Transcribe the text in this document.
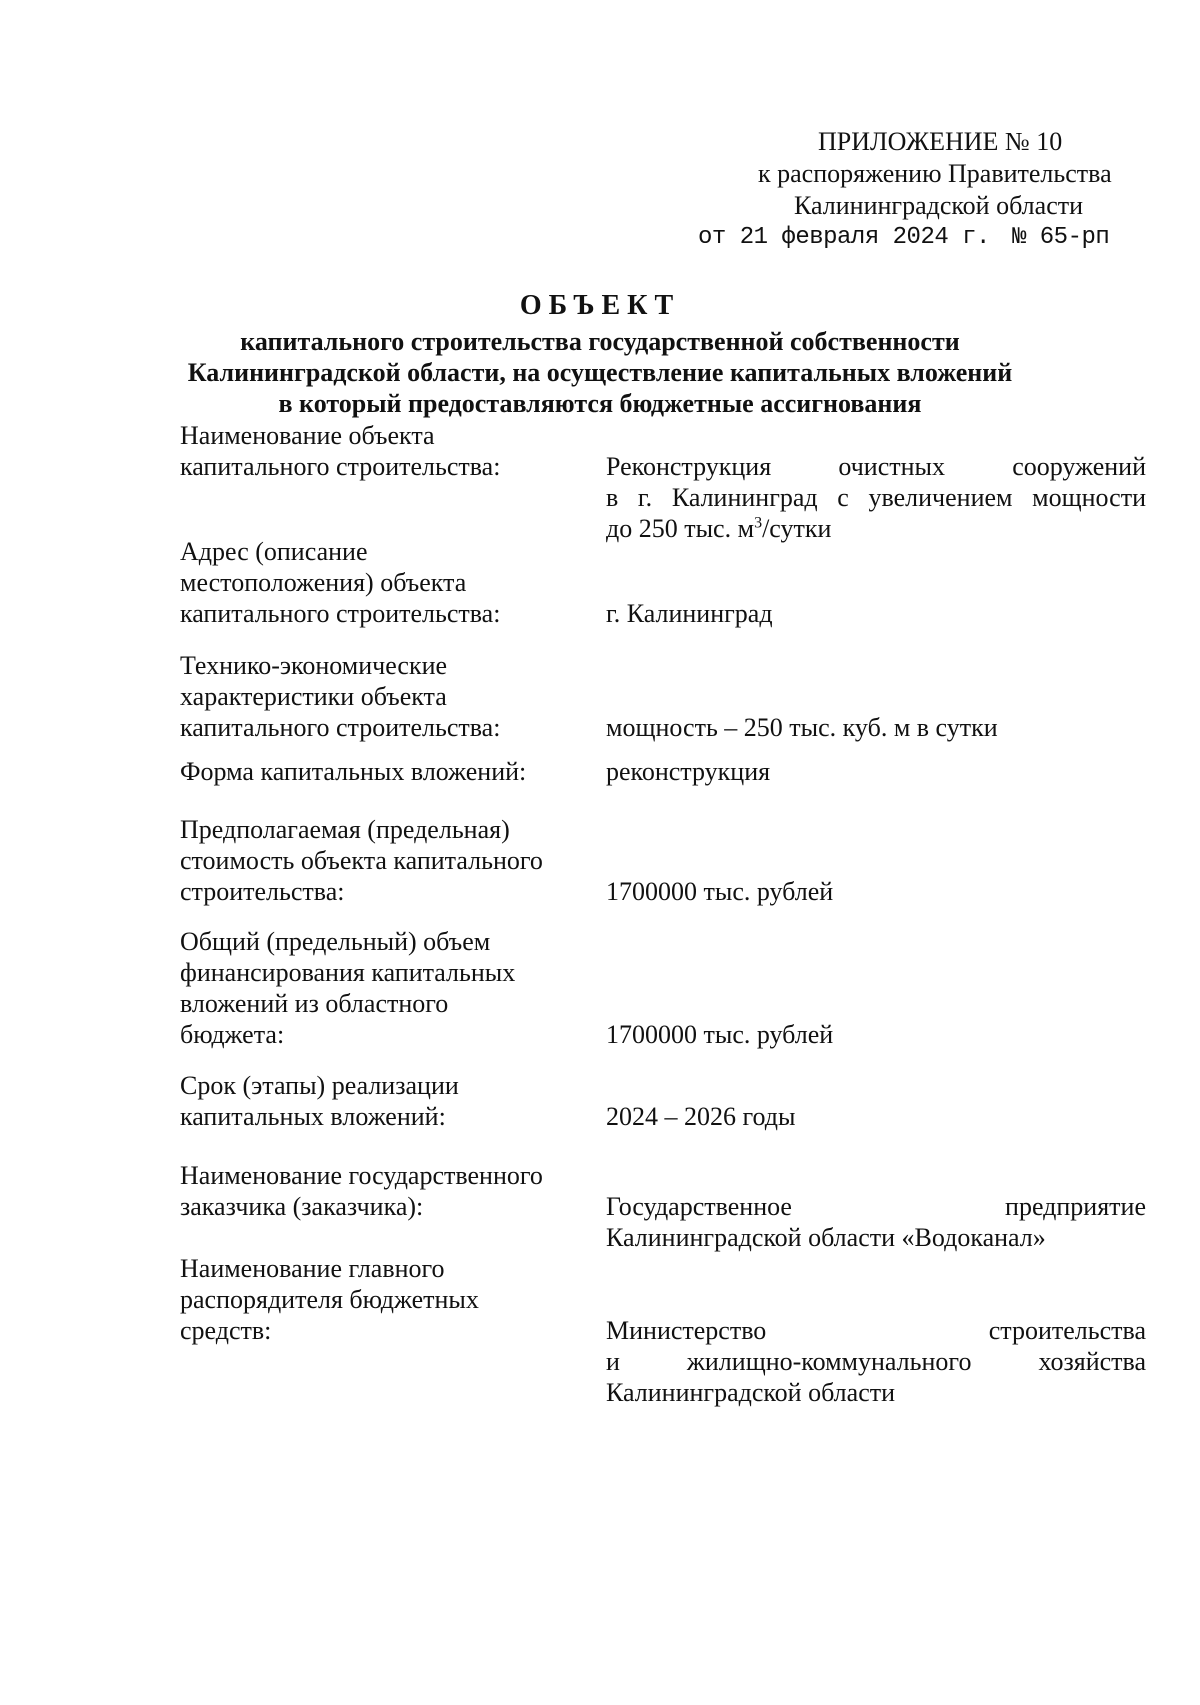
ПРИЛОЖЕНИЕ № 10
к распоряжению Правительства
Калининградской области
от 21 февраля 2024 г. № 65-рп
ОБЪЕКТ
капитального строительства государственной собственности
Калининградской области, на осуществление капитальных вложений
в который предоставляются бюджетные ассигнования
Наименование объекта
капитального строительства:	Реконструкция очистных сооружений
в г. Калининград с увеличением мощности
до 250 тыс. $м^3$/сутки
Адрес (описание
местоположения) объекта
капитального строительства:	г. Калининград
Технико-экономические
характеристики объекта
капитального строительства:	мощность – 250 тыс. куб. м в сутки
Форма капитальных вложений:	реконструкция
Предполагаемая (предельная)
стоимость объекта капитального
строительства:	1700000 тыс. рублей
Общий (предельный) объем
финансирования капитальных
вложений из областного
бюджета:	1700000 тыс. рублей
Срок (этапы) реализации
капитальных вложений:	2024 – 2026 годы
Наименование государственного
заказчика (заказчика):	Государственное предприятие
Калининградской области «Водоканал»
Наименование главного
распорядителя бюджетных
средств:	Министерство строительства
и жилищно-коммунального хозяйства
Калининградской области
